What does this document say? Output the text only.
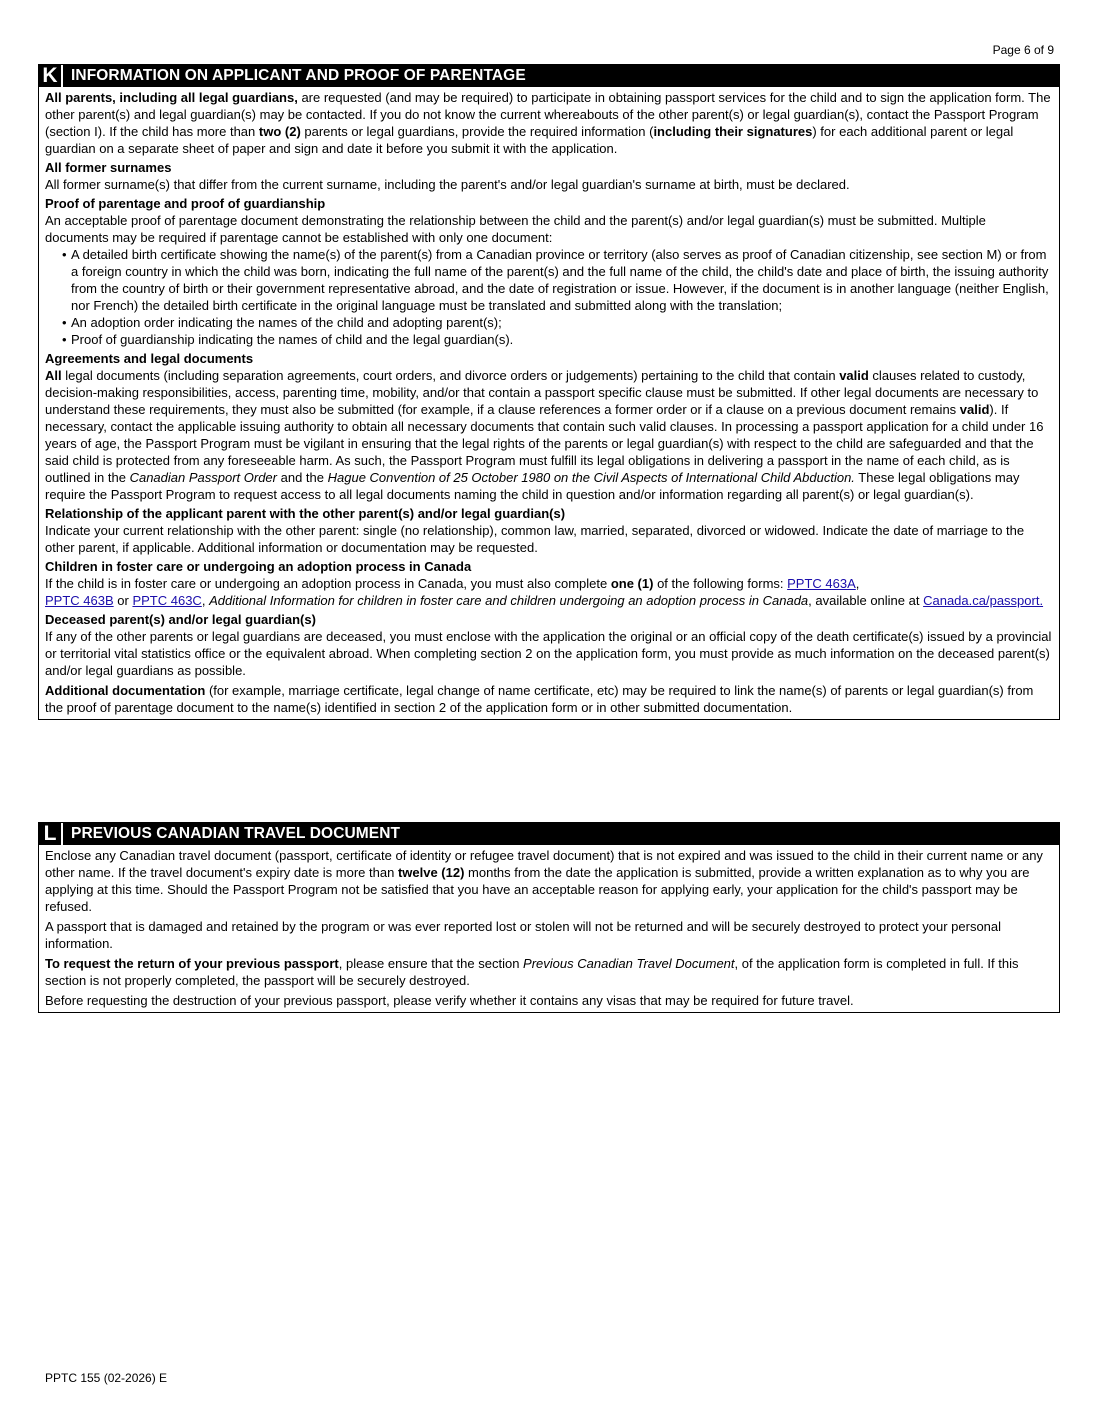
Page 6 of 9
K INFORMATION ON APPLICANT AND PROOF OF PARENTAGE

All parents, including all legal guardians, are requested (and may be required) to participate in obtaining passport services for the child and to sign the application form. The other parent(s) and legal guardian(s) may be contacted. If you do not know the current whereabouts of the other parent(s) or legal guardian(s), contact the Passport Program (section I). If the child has more than two (2) parents or legal guardians, provide the required information (including their signatures) for each additional parent or legal guardian on a separate sheet of paper and sign and date it before you submit it with the application.

All former surnames

All former surname(s) that differ from the current surname, including the parent's and/or legal guardian's surname at birth, must be declared.

Proof of parentage and proof of guardianship

An acceptable proof of parentage document demonstrating the relationship between the child and the parent(s) and/or legal guardian(s) must be submitted. Multiple documents may be required if parentage cannot be established with only one document:

• A detailed birth certificate showing the name(s) of the parent(s) from a Canadian province or territory (also serves as proof of Canadian citizenship, see section M) or from a foreign country in which the child was born, indicating the full name of the parent(s) and the full name of the child, the child's date and place of birth, the issuing authority from the country of birth or their government representative abroad, and the date of registration or issue. However, if the document is in another language (neither English, nor French) the detailed birth certificate in the original language must be translated and submitted along with the translation;
• An adoption order indicating the names of the child and adopting parent(s);
• Proof of guardianship indicating the names of child and the legal guardian(s).
Agreements and legal documents

All legal documents (including separation agreements, court orders, and divorce orders or judgements) pertaining to the child that contain valid clauses related to custody, decision-making responsibilities, access, parenting time, mobility, and/or that contain a passport specific clause must be submitted. If other legal documents are necessary to understand these requirements, they must also be submitted (for example, if a clause references a former order or if a clause on a previous document remains valid). If necessary, contact the applicable issuing authority to obtain all necessary documents that contain such valid clauses. In processing a passport application for a child under 16 years of age, the Passport Program must be vigilant in ensuring that the legal rights of the parents or legal guardian(s) with respect to the child are safeguarded and that the said child is protected from any foreseeable harm. As such, the Passport Program must fulfill its legal obligations in delivering a passport in the name of each child, as is outlined in the Canadian Passport Order and the Hague Convention of 25 October 1980 on the Civil Aspects of International Child Abduction. These legal obligations may require the Passport Program to request access to all legal documents naming the child in question and/or information regarding all parent(s) or legal guardian(s).

Relationship of the applicant parent with the other parent(s) and/or legal guardian(s)

Indicate your current relationship with the other parent: single (no relationship), common law, married, separated, divorced or widowed. Indicate the date of marriage to the other parent, if applicable. Additional information or documentation may be requested.

Children in foster care or undergoing an adoption process in Canada

If the child is in foster care or undergoing an adoption process in Canada, you must also complete one (1) of the following forms: PPTC 463A,
PPTC 463B or PPTC 463C, Additional Information for children in foster care and children undergoing an adoption process in Canada, available online at Canada.ca/passport.

Deceased parent(s) and/or legal guardian(s)

If any of the other parents or legal guardians are deceased, you must enclose with the application the original or an official copy of the death certificate(s) issued by a provincial or territorial vital statistics office or the equivalent abroad. When completing section 2 on the application form, you must provide as much information on the deceased parent(s) and/or legal guardians as possible.

Additional documentation (for example, marriage certificate, legal change of name certificate, etc) may be required to link the name(s) of parents or legal guardian(s) from the proof of parentage document to the name(s) identified in section 2 of the application form or in other submitted documentation.

L PREVIOUS CANADIAN TRAVEL DOCUMENT

Enclose any Canadian travel document (passport, certificate of identity or refugee travel document) that is not expired and was issued to the child in their current name or any other name. If the travel document's expiry date is more than twelve (12) months from the date the application is submitted, provide a written explanation as to why you are applying at this time. Should the Passport Program not be satisfied that you have an acceptable reason for applying early, your application for the child's passport may be refused.

A passport that is damaged and retained by the program or was ever reported lost or stolen will not be returned and will be securely destroyed to protect your personal information.

To request the return of your previous passport, please ensure that the section Previous Canadian Travel Document, of the application form is completed in full. If this section is not properly completed, the passport will be securely destroyed.

Before requesting the destruction of your previous passport, please verify whether it contains any visas that may be required for future travel.

PPTC 155 (02-2026) E
